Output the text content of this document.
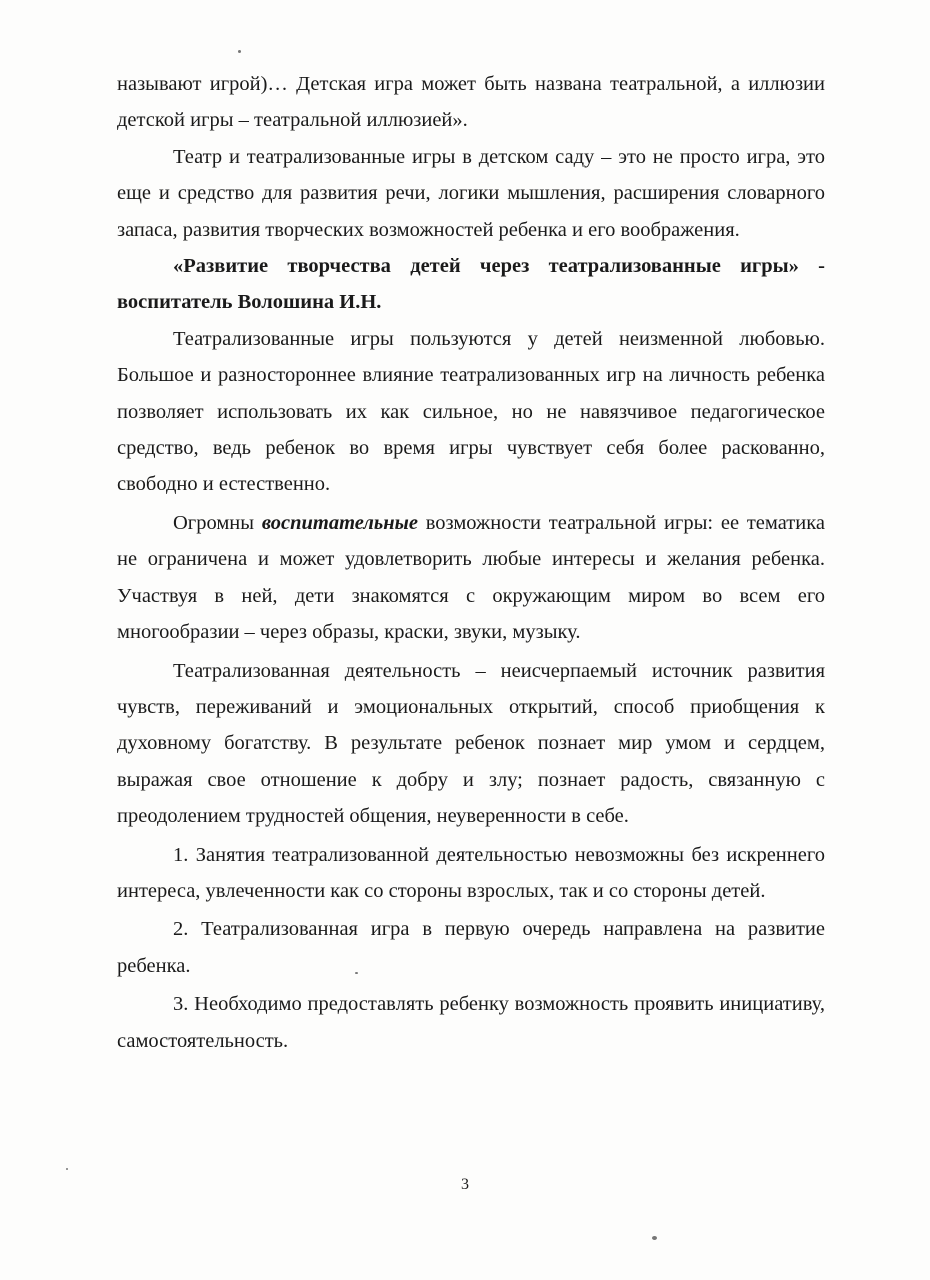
называют игрой)… Детская игра может быть названа театральной, а иллюзии детской игры – театральной иллюзией».

Театр и театрализованные игры в детском саду – это не просто игра, это еще и средство для развития речи, логики мышления, расширения словарного запаса, развития творческих возможностей ребенка и его воображения.

«Развитие творчества детей через театрализованные игры» - воспитатель Волошина И.Н.

Театрализованные игры пользуются у детей неизменной любовью. Большое и разностороннее влияние театрализованных игр на личность ребенка позволяет использовать их как сильное, но не навязчивое педагогическое средство, ведь ребенок во время игры чувствует себя более раскованно, свободно и естественно.

Огромны воспитательные возможности театральной игры: ее тематика не ограничена и может удовлетворить любые интересы и желания ребенка. Участвуя в ней, дети знакомятся с окружающим миром во всем его многообразии – через образы, краски, звуки, музыку.

Театрализованная деятельность – неисчерпаемый источник развития чувств, переживаний и эмоциональных открытий, способ приобщения к духовному богатству. В результате ребенок познает мир умом и сердцем, выражая свое отношение к добру и злу; познает радость, связанную с преодолением трудностей общения, неуверенности в себе.

1. Занятия театрализованной деятельностью невозможны без искреннего интереса, увлеченности как со стороны взрослых, так и со стороны детей.

2. Театрализованная игра в первую очередь направлена на развитие ребенка.

3. Необходимо предоставлять ребенку возможность проявить инициативу, самостоятельность.

3
